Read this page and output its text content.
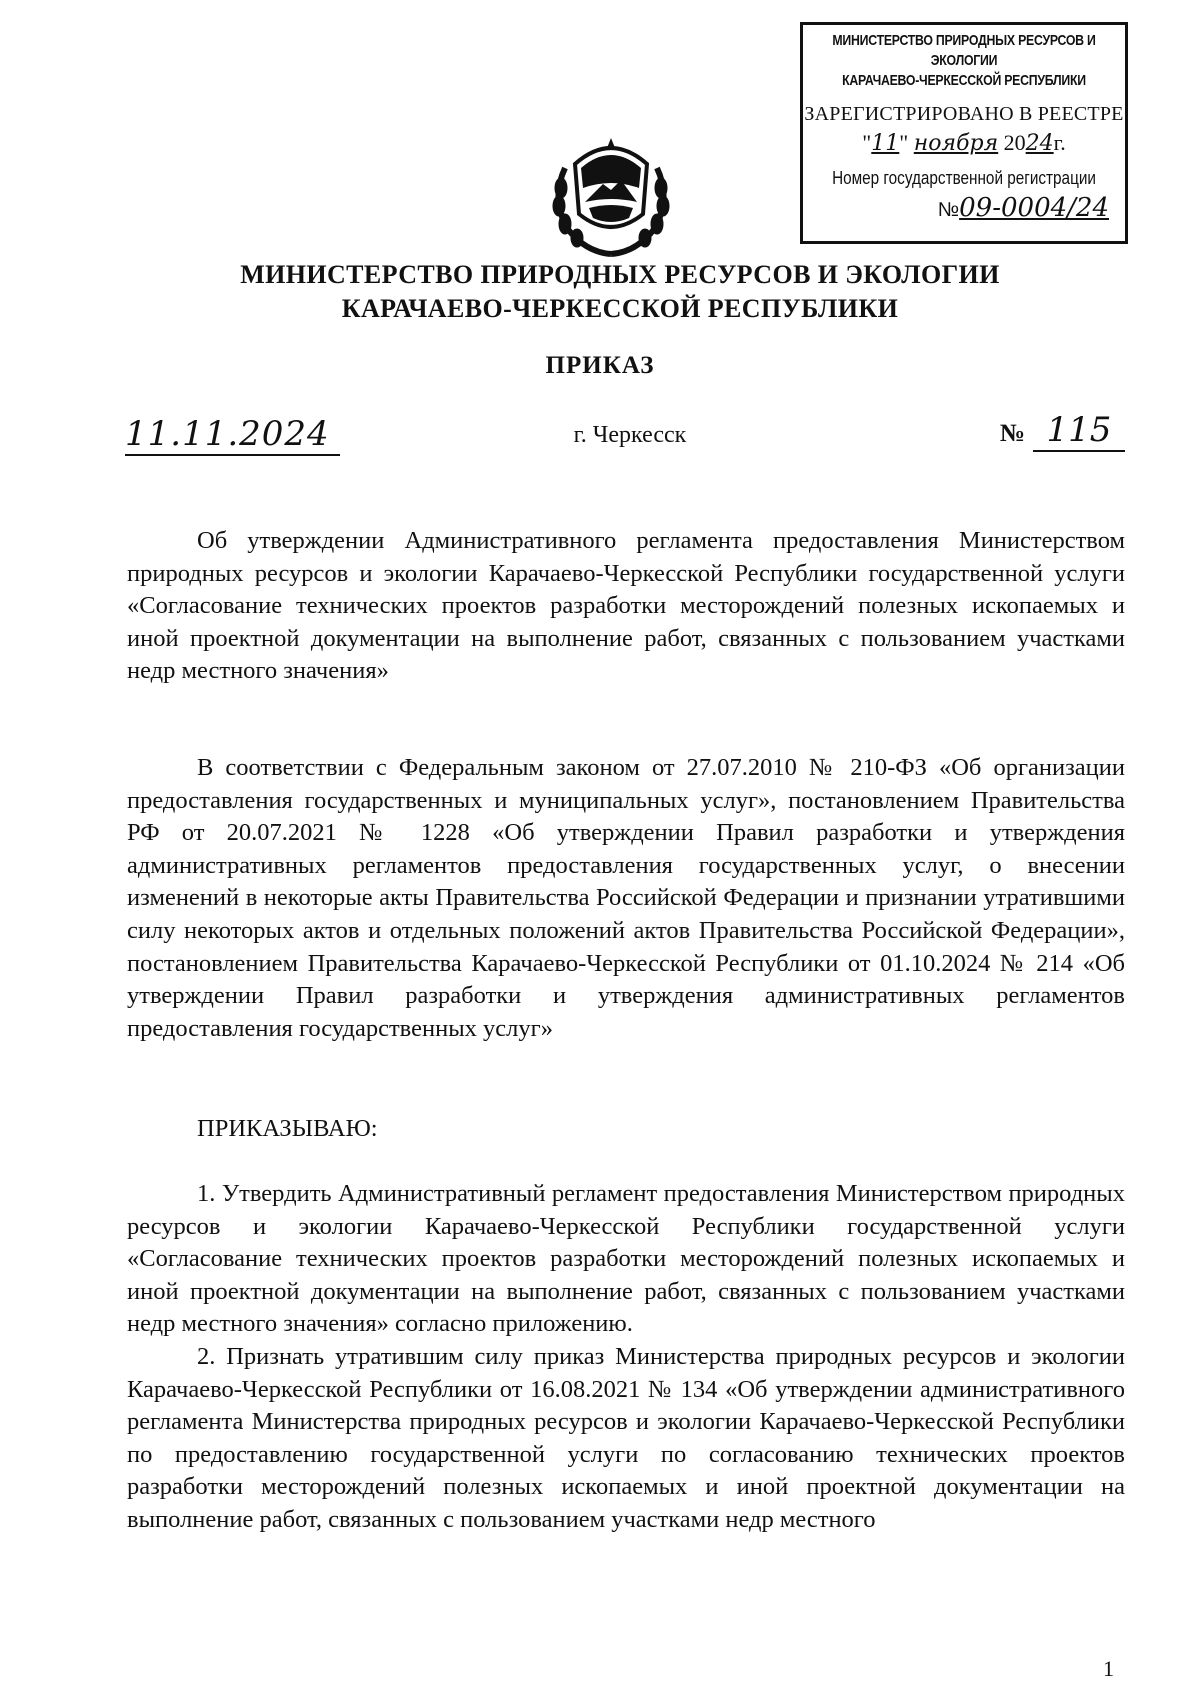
МИНИСТЕРСТВО ПРИРОДНЫХ РЕСУРСОВ И ЭКОЛОГИИ
КАРАЧАЕВО-ЧЕРКЕССКОЙ РЕСПУБЛИКИ
ЗАРЕГИСТРИРОВАНО В РЕЕСТРЕ
"11" ноября 2024г.
Номер государственной регистрации
№09-0004/24
МИНИСТЕРСТВО ПРИРОДНЫХ РЕСУРСОВ И ЭКОЛОГИИ
КАРАЧАЕВО-ЧЕРКЕССКОЙ РЕСПУБЛИКИ
ПРИКАЗ
11.11.2024	г. Черкесск	№ 115

Об утверждении Административного регламента предоставления Министерством природных ресурсов и экологии Карачаево-Черкесской Республики государственной услуги «Согласование технических проектов разработки месторождений полезных ископаемых и иной проектной документации на выполнение работ, связанных с пользованием участками недр местного значения»

В соответствии с Федеральным законом от 27.07.2010 № 210-ФЗ «Об организации предоставления государственных и муниципальных услуг», постановлением Правительства РФ от 20.07.2021 № 1228 «Об утверждении Правил разработки и утверждения административных регламентов предоставления государственных услуг, о внесении изменений в некоторые акты Правительства Российской Федерации и признании утратившими силу некоторых актов и отдельных положений актов Правительства Российской Федерации», постановлением Правительства Карачаево-Черкесской Республики от 01.10.2024 № 214 «Об утверждении Правил разработки и утверждения административных регламентов предоставления государственных услуг»

ПРИКАЗЫВАЮ:

1. Утвердить Административный регламент предоставления Министерством природных ресурсов и экологии Карачаево-Черкесской Республики государственной услуги «Согласование технических проектов разработки месторождений полезных ископаемых и иной проектной документации на выполнение работ, связанных с пользованием участками недр местного значения» согласно приложению.

2. Признать утратившим силу приказ Министерства природных ресурсов и экологии Карачаево-Черкесской Республики от 16.08.2021 № 134 «Об утверждении административного регламента Министерства природных ресурсов и экологии Карачаево-Черкесской Республики по предоставлению государственной услуги по согласованию технических проектов разработки месторождений полезных ископаемых и иной проектной документации на выполнение работ, связанных с пользованием участками недр местного

1
